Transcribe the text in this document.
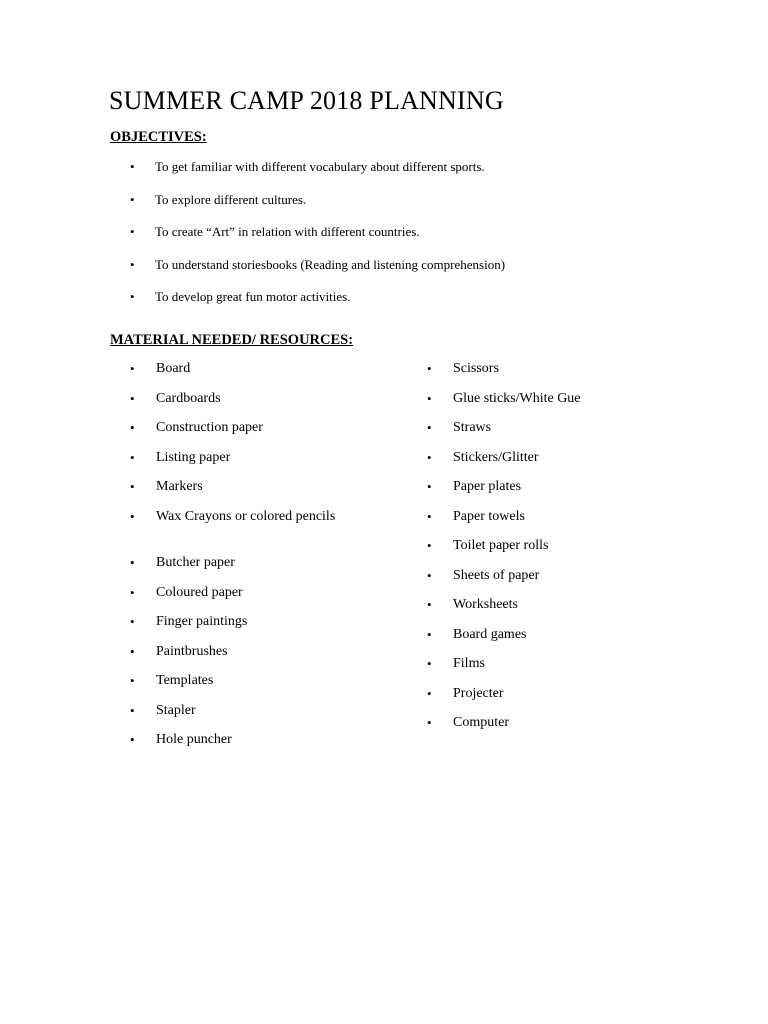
SUMMER CAMP 2018 PLANNING
OBJECTIVES:
• To get familiar with different vocabulary about different sports.
• To explore different cultures.
• To create “Art” in relation with different countries.
• To understand storiesbooks (Reading and listening comprehension)
• To develop great fun motor activities.
MATERIAL NEEDED/ RESOURCES:
• Board
• Cardboards
• Construction paper
• Listing paper
• Markers
• Wax Crayons or colored pencils
• Butcher paper
• Coloured paper
• Finger paintings
• Paintbrushes
• Templates
• Stapler
• Hole puncher
• Scissors
• Glue sticks/White Gue
• Straws
• Stickers/Glitter
• Paper plates
• Paper towels
• Toilet paper rolls
• Sheets of paper
• Worksheets
• Board games
• Films
• Projecter
• Computer
